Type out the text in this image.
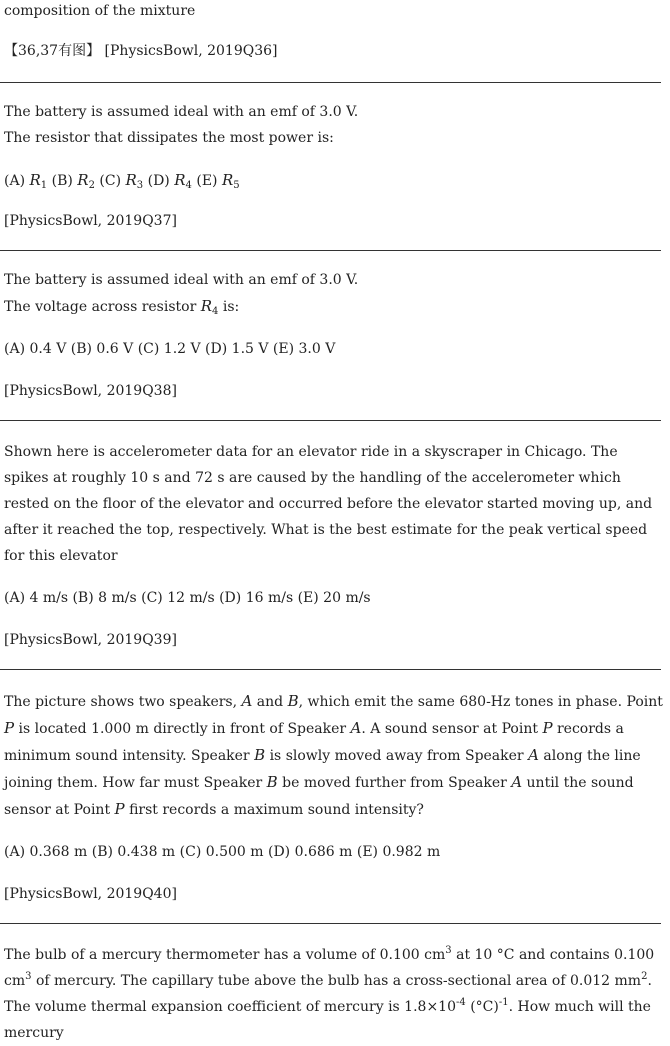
composition of the mixture
【36,37有图】 [PhysicsBowl, 2019Q36]
The battery is assumed ideal with an emf of 3.0 V.
The resistor that dissipates the most power is:
(A) $R_1$ (B) $R_2$ (C) $R_3$ (D) $R_4$ (E) $R_5$
[PhysicsBowl, 2019Q37]
The battery is assumed ideal with an emf of 3.0 V.
The voltage across resistor $R_4$ is:
(A) 0.4 V (B) 0.6 V (C) 1.2 V (D) 1.5 V (E) 3.0 V
[PhysicsBowl, 2019Q38]
Shown here is accelerometer data for an elevator ride in a skyscraper in Chicago. The spikes at roughly 10 s and 72 s are caused by the handling of the accelerometer which rested on the floor of the elevator and occurred before the elevator started moving up, and after it reached the top, respectively. What is the best estimate for the peak vertical speed for this elevator
(A) 4 m/s (B) 8 m/s (C) 12 m/s (D) 16 m/s (E) 20 m/s
[PhysicsBowl, 2019Q39]
The picture shows two speakers, A and B, which emit the same 680-Hz tones in phase. Point P is located 1.000 m directly in front of Speaker A. A sound sensor at Point P records a minimum sound intensity. Speaker B is slowly moved away from Speaker A along the line joining them. How far must Speaker B be moved further from Speaker A until the sound sensor at Point P first records a maximum sound intensity?
(A) 0.368 m (B) 0.438 m (C) 0.500 m (D) 0.686 m (E) 0.982 m
[PhysicsBowl, 2019Q40]
The bulb of a mercury thermometer has a volume of 0.100 $cm^3$ at 10 °C and contains 0.100 $cm^3$ of mercury. The capillary tube above the bulb has a cross-sectional area of 0.012 $mm^2$. The volume thermal expansion coefficient of mercury is $1.8\times 10^{-4}$ $(^\circ C)^{-1}$. How much will the mercury
